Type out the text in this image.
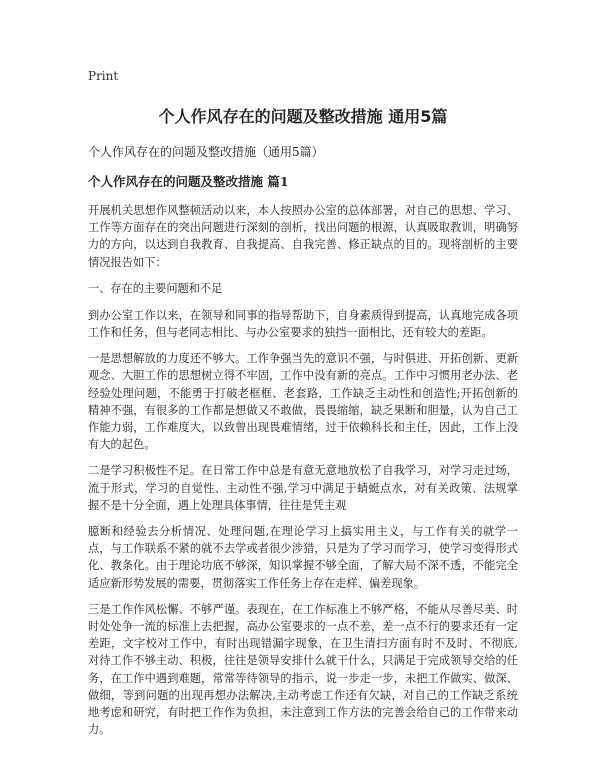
Print
个人作风存在的问题及整改措施 通用5篇
个人作风存在的问题及整改措施（通用5篇）
个人作风存在的问题及整改措施 篇1

开展机关思想作风整顿活动以来，本人按照办公室的总体部署，对自己的思想、学习、工作等方面存在的突出问题进行深刻的剖析，找出问题的根源，认真吸取教训，明确努力的方向，以达到自我教育、自我提高、自我完善、修正缺点的目的。现将剖析的主要情况报告如下：

一、存在的主要问题和不足

到办公室工作以来，在领导和同事的指导帮助下，自身素质得到提高，认真地完成各项工作和任务，但与老同志相比、与办公室要求的独挡一面相比，还有较大的差距。

一是思想解放的力度还不够大。工作争强当先的意识不强，与时俱进、开拓创新、更新观念、大胆工作的思想树立得不牢固，工作中没有新的亮点。工作中习惯用老办法、老经验处理问题，不能勇于打破老框框、老套路，工作缺乏主动性和创造性;开拓创新的精神不强，有很多的工作都是想做又不敢做，畏畏缩缩，缺乏果断和胆量，认为自己工作能力弱，工作难度大，以致曾出现畏难情绪，过于依赖科长和主任，因此，工作上没有大的起色。

二是学习积极性不足。在日常工作中总是有意无意地放松了自我学习，对学习走过场，流于形式，学习的自觉性、主动性不强,学习中满足于蜻蜓点水，对有关政策、法规掌握不是十分全面，遇上处理具体事情，往往是凭主观

臆断和经验去分析情况、处理问题,在理论学习上搞实用主义，与工作有关的就学一点，与工作联系不紧的就不去学或者很少涉猎，只是为了学习而学习，使学习变得形式化、教条化。由于理论功底不够深，知识掌握不够全面，了解大局不深不透，不能完全适应新形势发展的需要，贯彻落实工作任务上存在走样、偏差现象。

三是工作作风松懈、不够严谨。表现在，在工作标准上不够严格，不能从尽善尽美、时时处处争一流的标准上去把握，高办公室要求的一点不差，差一点不行的要求还有一定差距，文字校对工作中，有时出现错漏字现象，在卫生清扫方面有时不及时、不彻底,对待工作不够主动、积极，往往是领导安排什么就干什么，只满足于完成领导交给的任务，在工作中遇到难题，常常等待领导的指示，说一步走一步，未把工作做实、做深、做细，等到问题的出现再想办法解决,主动考虑工作还有欠缺，对自己的工作缺乏系统地考虑和研究，有时把工作作为负担，未注意到工作方法的完善会给自己的工作带来动力。
